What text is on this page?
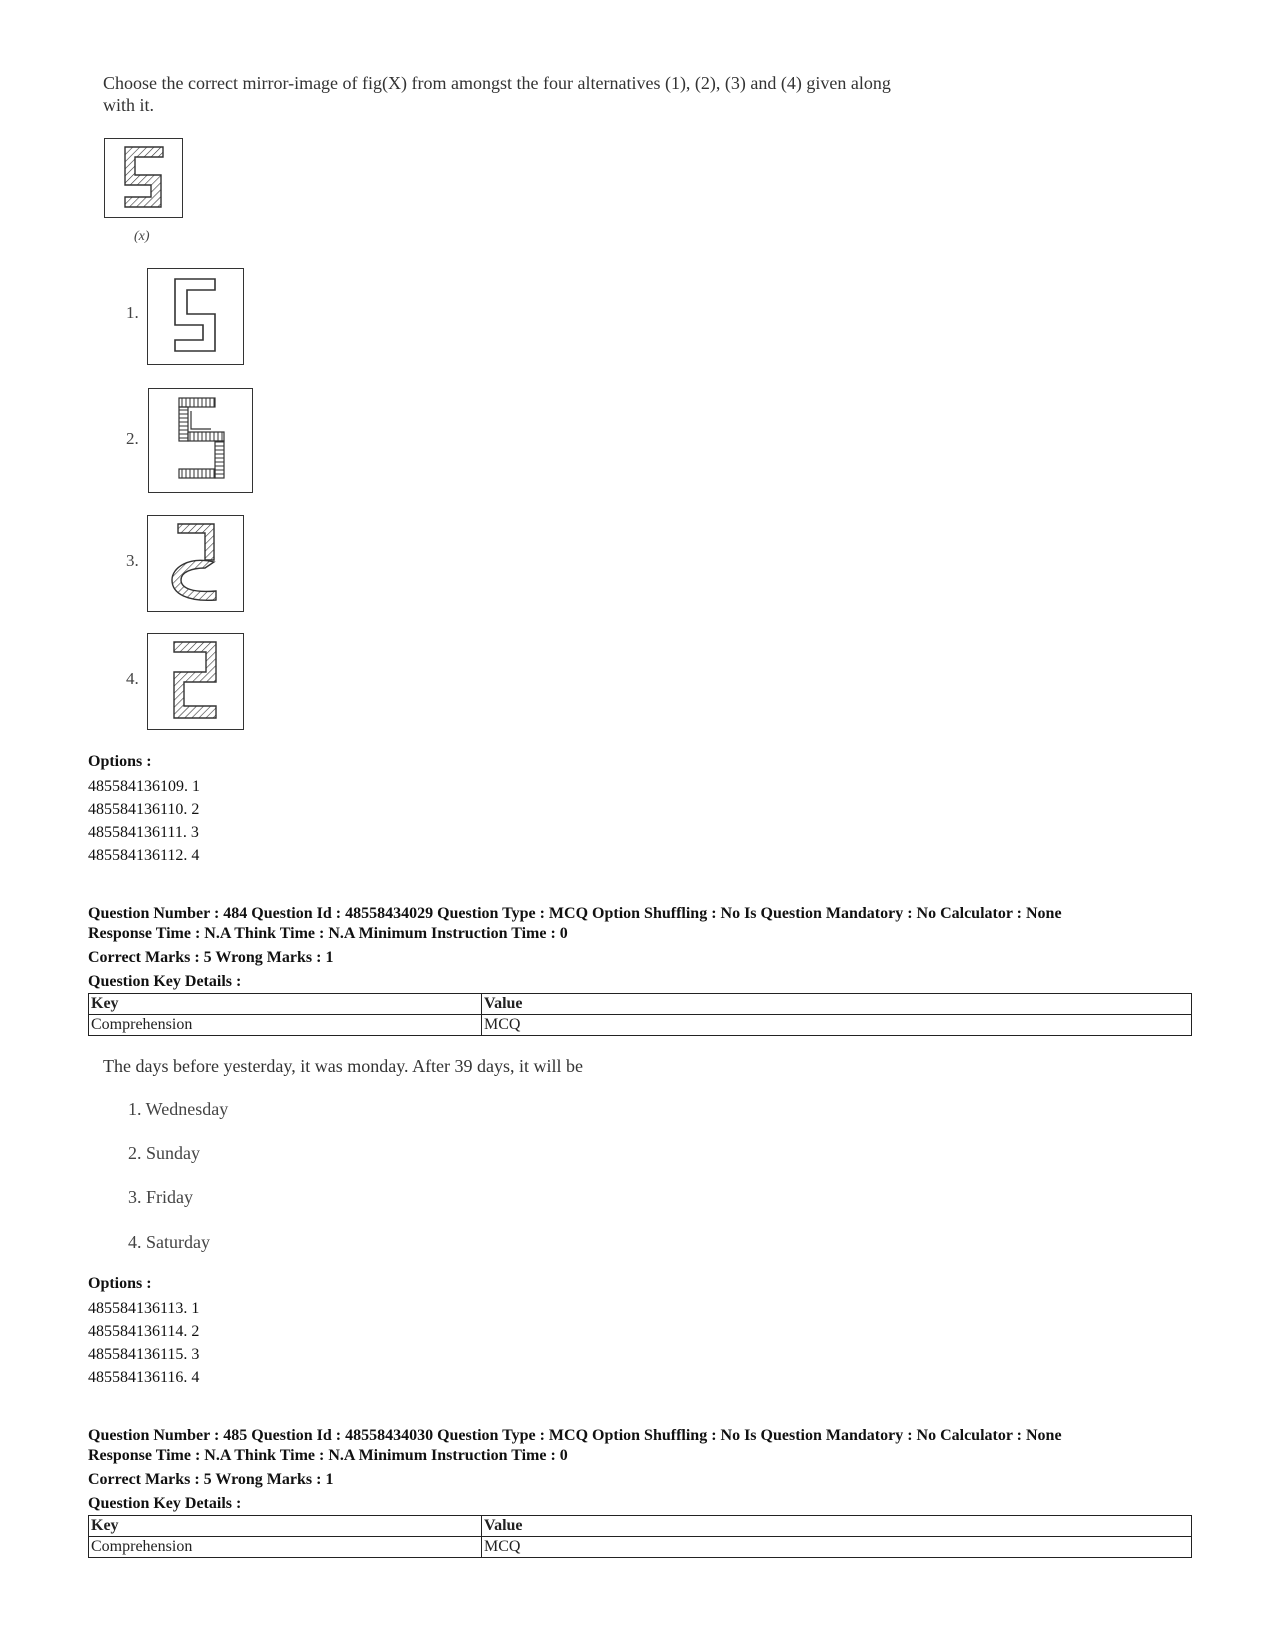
Choose the correct mirror-image of fig(X) from amongst the four alternatives (1), (2), (3) and (4) given along
with it.
(x)
1.
2.
3.
4.
Options :
485584136109. 1
485584136110. 2
485584136111. 3
485584136112. 4
Question Number : 484 Question Id : 48558434029 Question Type : MCQ Option Shuffling : No Is Question Mandatory : No Calculator : None
Response Time : N.A Think Time : N.A Minimum Instruction Time : 0
Correct Marks : 5 Wrong Marks : 1
Question Key Details :
Key	Value
Comprehension	MCQ
The days before yesterday, it was monday. After 39 days, it will be
1. Wednesday
2. Sunday
3. Friday
4. Saturday
Options :
485584136113. 1
485584136114. 2
485584136115. 3
485584136116. 4
Question Number : 485 Question Id : 48558434030 Question Type : MCQ Option Shuffling : No Is Question Mandatory : No Calculator : None
Response Time : N.A Think Time : N.A Minimum Instruction Time : 0
Correct Marks : 5 Wrong Marks : 1
Question Key Details :
Key	Value
Comprehension	MCQ
